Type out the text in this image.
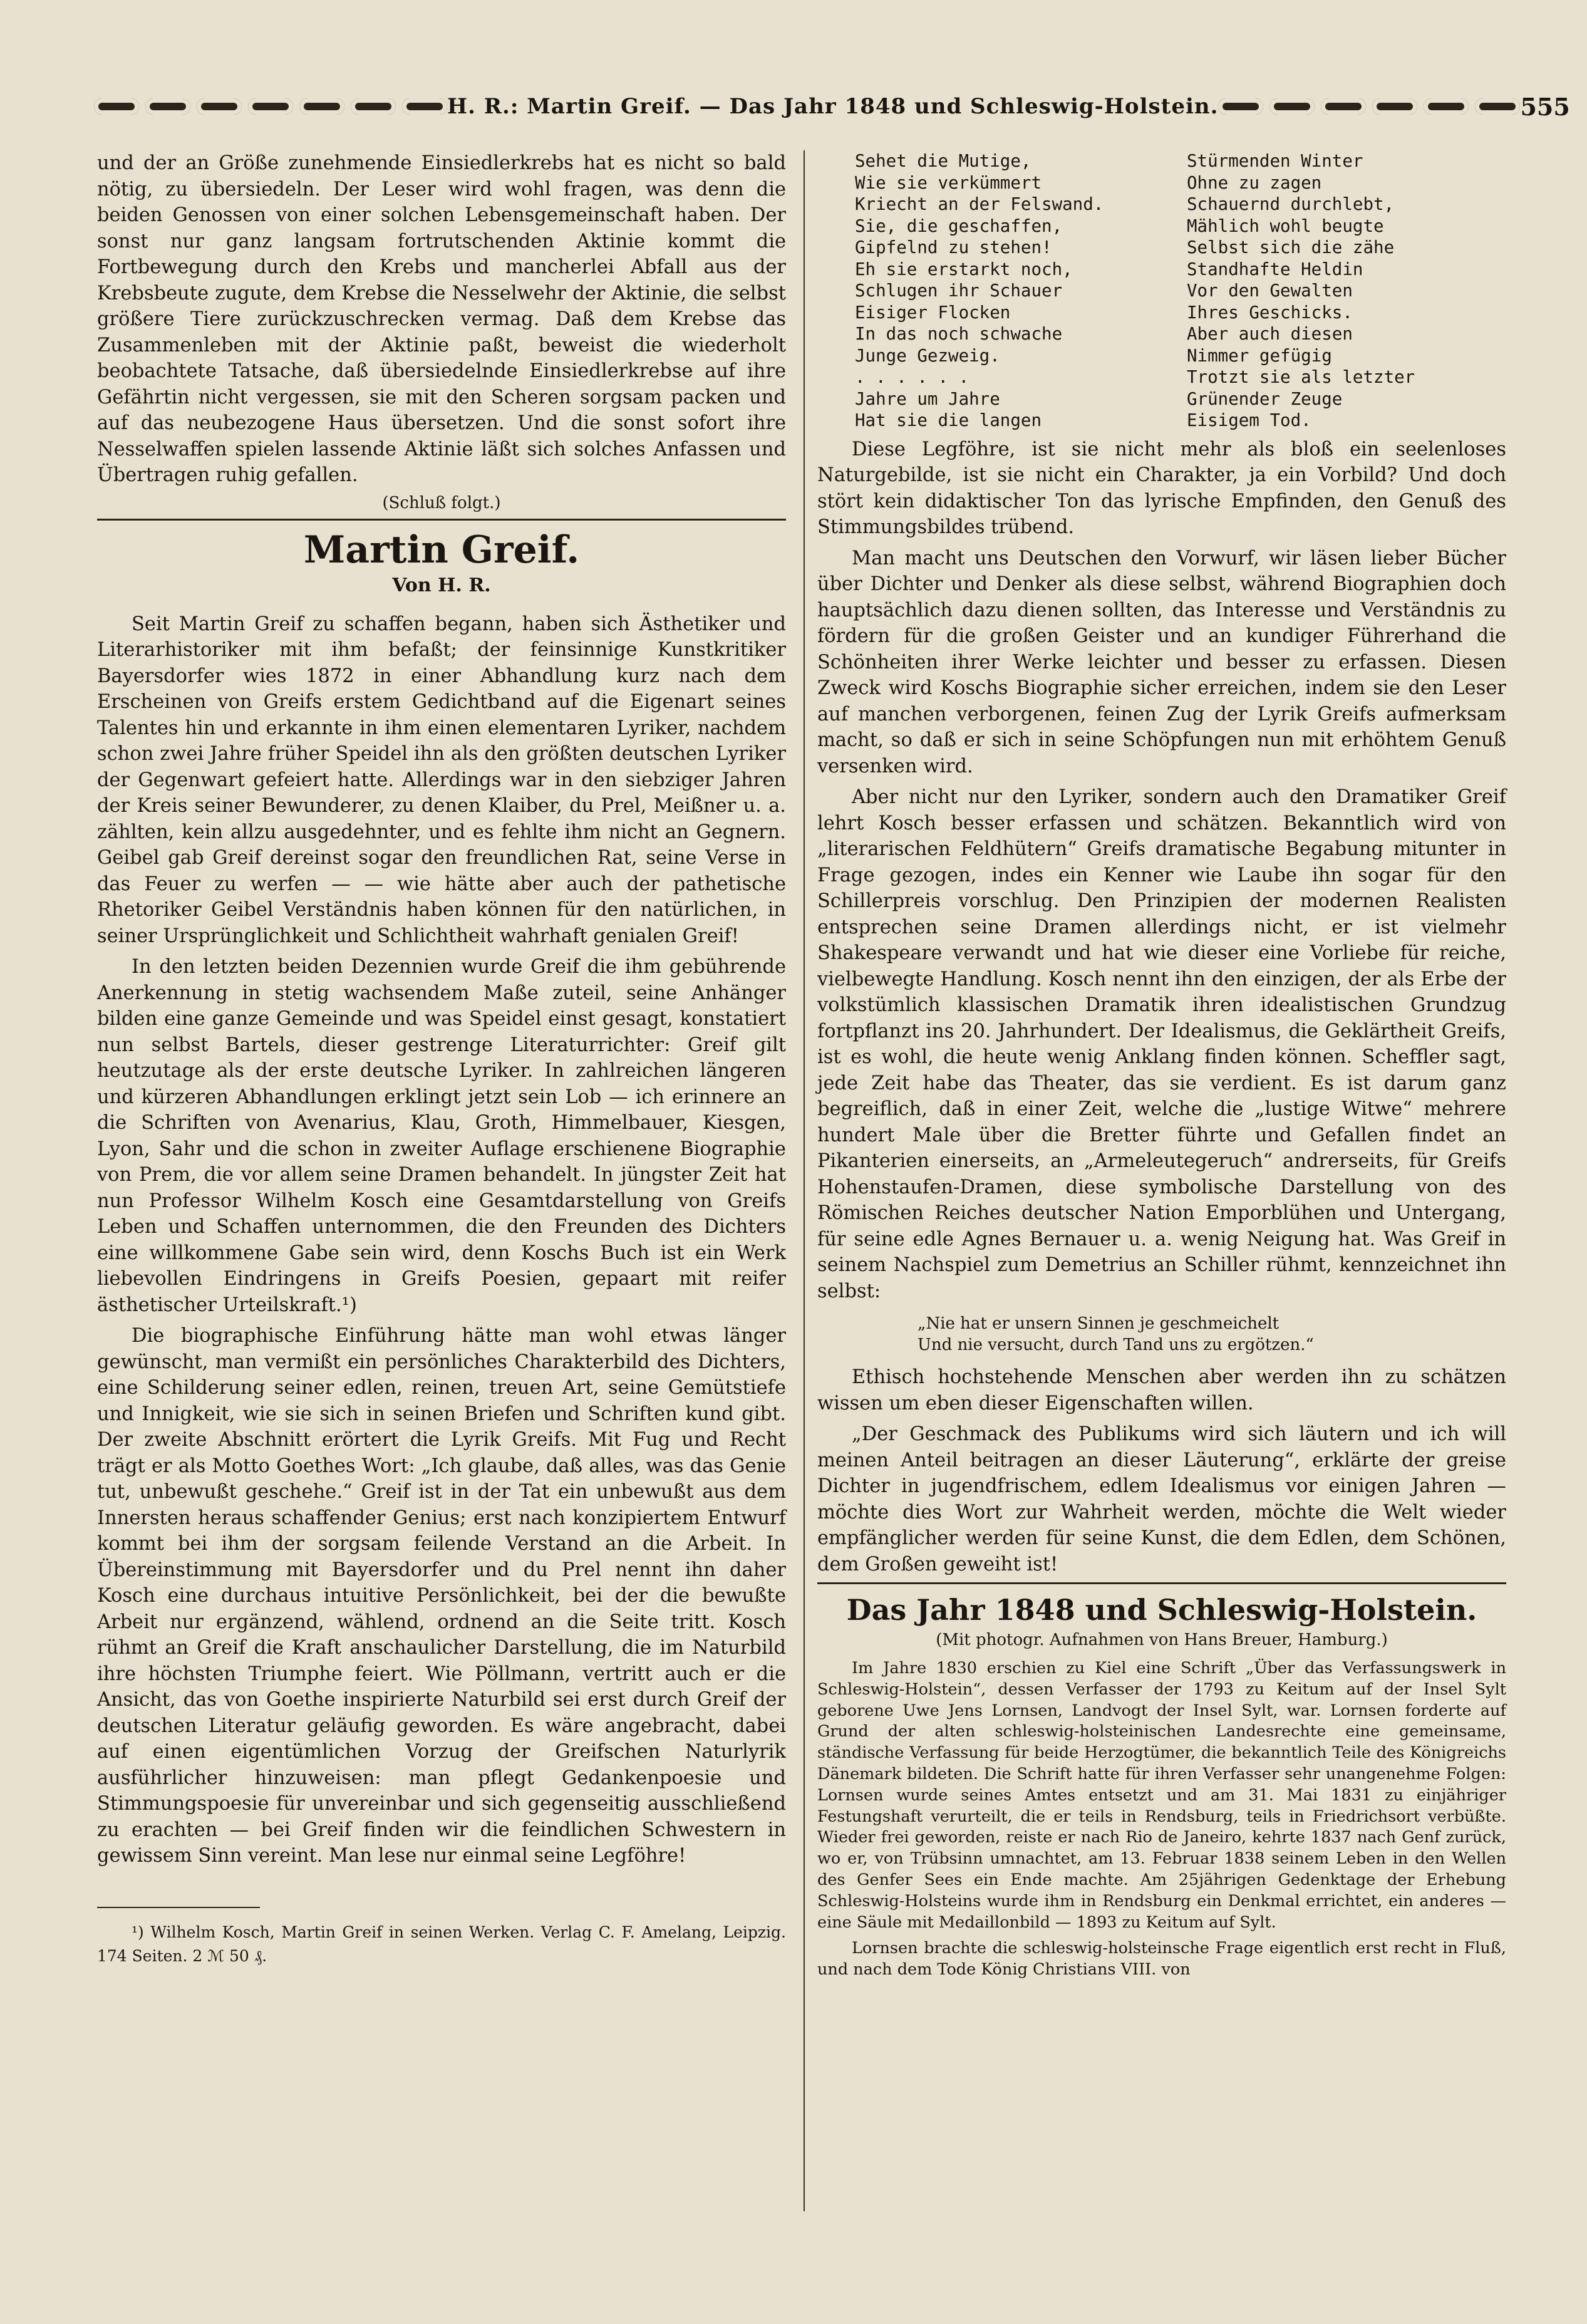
H. R.: Martin Greif. — Das Jahr 1848 und Schleswig-Holstein.	555

und der an Größe zunehmende Einsiedlerkrebs hat es nicht so bald nötig, zu übersiedeln. Der Leser wird wohl fragen, was denn die beiden Genossen von einer solchen Lebensgemeinschaft haben. Der sonst nur ganz langsam fortrutschenden Aktinie kommt die Fortbewegung durch den Krebs und mancherlei Abfall aus der Krebsbeute zugute, dem Krebse die Nesselwehr der Aktinie, die selbst größere Tiere zurückzuschrecken vermag. Daß dem Krebse das Zusammenleben mit der Aktinie paßt, beweist die wiederholt beobachtete Tatsache, daß übersiedelnde Einsiedlerkrebse auf ihre Gefährtin nicht vergessen, sie mit den Scheren sorgsam packen und auf das neubezogene Haus übersetzen. Und die sonst sofort ihre Nesselwaffen spielen lassende Aktinie läßt sich solches Anfassen und Übertragen ruhig gefallen.

(Schluß folgt.)
Martin Greif.
Von H. R.

Seit Martin Greif zu schaffen begann, haben sich Ästhetiker und Literarhistoriker mit ihm befaßt; der feinsinnige Kunstkritiker Bayersdorfer wies 1872 in einer Abhandlung kurz nach dem Erscheinen von Greifs erstem Gedichtband auf die Eigenart seines Talentes hin und erkannte in ihm einen elementaren Lyriker, nachdem schon zwei Jahre früher Speidel ihn als den größten deutschen Lyriker der Gegenwart gefeiert hatte. Allerdings war in den siebziger Jahren der Kreis seiner Bewunderer, zu denen Klaiber, du Prel, Meißner u. a. zählten, kein allzu ausgedehnter, und es fehlte ihm nicht an Gegnern. Geibel gab Greif dereinst sogar den freundlichen Rat, seine Verse in das Feuer zu werfen — — wie hätte aber auch der pathetische Rhetoriker Geibel Verständnis haben können für den natürlichen, in seiner Ursprünglichkeit und Schlichtheit wahrhaft genialen Greif!

In den letzten beiden Dezennien wurde Greif die ihm gebührende Anerkennung in stetig wachsendem Maße zuteil, seine Anhänger bilden eine ganze Gemeinde und was Speidel einst gesagt, konstatiert nun selbst Bartels, dieser gestrenge Literaturrichter: Greif gilt heutzutage als der erste deutsche Lyriker. In zahlreichen längeren und kürzeren Abhandlungen erklingt jetzt sein Lob — ich erinnere an die Schriften von Avenarius, Klau, Groth, Himmelbauer, Kiesgen, Lyon, Sahr und die schon in zweiter Auflage erschienene Biographie von Prem, die vor allem seine Dramen behandelt. In jüngster Zeit hat nun Professor Wilhelm Kosch eine Gesamtdarstellung von Greifs Leben und Schaffen unternommen, die den Freunden des Dichters eine willkommene Gabe sein wird, denn Koschs Buch ist ein Werk liebevollen Eindringens in Greifs Poesien, gepaart mit reifer ästhetischer Urteilskraft.¹)

Die biographische Einführung hätte man wohl etwas länger gewünscht, man vermißt ein persönliches Charakterbild des Dichters, eine Schilderung seiner edlen, reinen, treuen Art, seine Gemütstiefe und Innigkeit, wie sie sich in seinen Briefen und Schriften kund gibt. Der zweite Abschnitt erörtert die Lyrik Greifs. Mit Fug und Recht trägt er als Motto Goethes Wort: „Ich glaube, daß alles, was das Genie tut, unbewußt geschehe.“ Greif ist in der Tat ein unbewußt aus dem Innersten heraus schaffender Genius; erst nach konzipiertem Entwurf kommt bei ihm der sorgsam feilende Verstand an die Arbeit. In Übereinstimmung mit Bayersdorfer und du Prel nennt ihn daher Kosch eine durchaus intuitive Persönlichkeit, bei der die bewußte Arbeit nur ergänzend, wählend, ordnend an die Seite tritt. Kosch rühmt an Greif die Kraft anschaulicher Darstellung, die im Naturbild ihre höchsten Triumphe feiert. Wie Pöllmann, vertritt auch er die Ansicht, das von Goethe inspirierte Naturbild sei erst durch Greif der deutschen Literatur geläufig geworden. Es wäre angebracht, dabei auf einen eigentümlichen Vorzug der Greifschen Naturlyrik ausführlicher hinzuweisen: man pflegt Gedankenpoesie und Stimmungspoesie für unvereinbar und sich gegenseitig ausschließend zu erachten — bei Greif finden wir die feindlichen Schwestern in gewissem Sinn vereint. Man lese nur einmal seine Legföhre!

¹) Wilhelm Kosch, Martin Greif in seinen Werken. Verlag C. F. Amelang, Leipzig. 174 Seiten. 2 ℳ 50 ₰.
Sehet die Mutige,
Wie sie verkümmert
Kriecht an der Felswand.
Sie, die geschaffen,
Gipfelnd zu stehen!
Eh sie erstarkt noch,
Schlugen ihr Schauer
Eisiger Flocken
In das noch schwache
Junge Gezweig.
. . . . . .
Jahre um Jahre
Hat sie die langen
Stürmenden Winter
Ohne zu zagen
Schauernd durchlebt,
Mählich wohl beugte
Selbst sich die zähe
Standhafte Heldin
Vor den Gewalten
Ihres Geschicks.
Aber auch diesen
Nimmer gefügig
Trotzt sie als letzter
Grünender Zeuge
Eisigem Tod.

Diese Legföhre, ist sie nicht mehr als bloß ein seelenloses Naturgebilde, ist sie nicht ein Charakter, ja ein Vorbild? Und doch stört kein didaktischer Ton das lyrische Empfinden, den Genuß des Stimmungsbildes trübend.

Man macht uns Deutschen den Vorwurf, wir läsen lieber Bücher über Dichter und Denker als diese selbst, während Biographien doch hauptsächlich dazu dienen sollten, das Interesse und Verständnis zu fördern für die großen Geister und an kundiger Führerhand die Schönheiten ihrer Werke leichter und besser zu erfassen. Diesen Zweck wird Koschs Biographie sicher erreichen, indem sie den Leser auf manchen verborgenen, feinen Zug der Lyrik Greifs aufmerksam macht, so daß er sich in seine Schöpfungen nun mit erhöhtem Genuß versenken wird.

Aber nicht nur den Lyriker, sondern auch den Dramatiker Greif lehrt Kosch besser erfassen und schätzen. Bekanntlich wird von „literarischen Feldhütern“ Greifs dramatische Begabung mitunter in Frage gezogen, indes ein Kenner wie Laube ihn sogar für den Schillerpreis vorschlug. Den Prinzipien der modernen Realisten entsprechen seine Dramen allerdings nicht, er ist vielmehr Shakespeare verwandt und hat wie dieser eine Vorliebe für reiche, vielbewegte Handlung. Kosch nennt ihn den einzigen, der als Erbe der volkstümlich klassischen Dramatik ihren idealistischen Grundzug fortpflanzt ins 20. Jahrhundert. Der Idealismus, die Geklärtheit Greifs, ist es wohl, die heute wenig Anklang finden können. Scheffler sagt, jede Zeit habe das Theater, das sie verdient. Es ist darum ganz begreiflich, daß in einer Zeit, welche die „lustige Witwe“ mehrere hundert Male über die Bretter führte und Gefallen findet an Pikanterien einerseits, an „Armeleutegeruch“ andrerseits, für Greifs Hohenstaufen-Dramen, diese symbolische Darstellung von des Römischen Reiches deutscher Nation Emporblühen und Untergang, für seine edle Agnes Bernauer u. a. wenig Neigung hat. Was Greif in seinem Nachspiel zum Demetrius an Schiller rühmt, kennzeichnet ihn selbst:

„Nie hat er unsern Sinnen je geschmeichelt
Und nie versucht, durch Tand uns zu ergötzen.“

Ethisch hochstehende Menschen aber werden ihn zu schätzen wissen um eben dieser Eigenschaften willen.

„Der Geschmack des Publikums wird sich läutern und ich will meinen Anteil beitragen an dieser Läuterung“, erklärte der greise Dichter in jugendfrischem, edlem Idealismus vor einigen Jahren — möchte dies Wort zur Wahrheit werden, möchte die Welt wieder empfänglicher werden für seine Kunst, die dem Edlen, dem Schönen, dem Großen geweiht ist!

Das Jahr 1848 und Schleswig-Holstein.
(Mit photogr. Aufnahmen von Hans Breuer, Hamburg.)

Im Jahre 1830 erschien zu Kiel eine Schrift „Über das Verfassungswerk in Schleswig-Holstein“, dessen Verfasser der 1793 zu Keitum auf der Insel Sylt geborene Uwe Jens Lornsen, Landvogt der Insel Sylt, war. Lornsen forderte auf Grund der alten schleswig-holsteinischen Landesrechte eine gemeinsame, ständische Verfassung für beide Herzogtümer, die bekanntlich Teile des Königreichs Dänemark bildeten. Die Schrift hatte für ihren Verfasser sehr unangenehme Folgen: Lornsen wurde seines Amtes entsetzt und am 31. Mai 1831 zu einjähriger Festungshaft verurteilt, die er teils in Rendsburg, teils in Friedrichsort verbüßte. Wieder frei geworden, reiste er nach Rio de Janeiro, kehrte 1837 nach Genf zurück, wo er, von Trübsinn umnachtet, am 13. Februar 1838 seinem Leben in den Wellen des Genfer Sees ein Ende machte. Am 25jährigen Gedenktage der Erhebung Schleswig-Holsteins wurde ihm in Rendsburg ein Denkmal errichtet, ein anderes — eine Säule mit Medaillonbild — 1893 zu Keitum auf Sylt.

Lornsen brachte die schleswig-holsteinsche Frage eigentlich erst recht in Fluß, und nach dem Tode König Christians VIII. von
